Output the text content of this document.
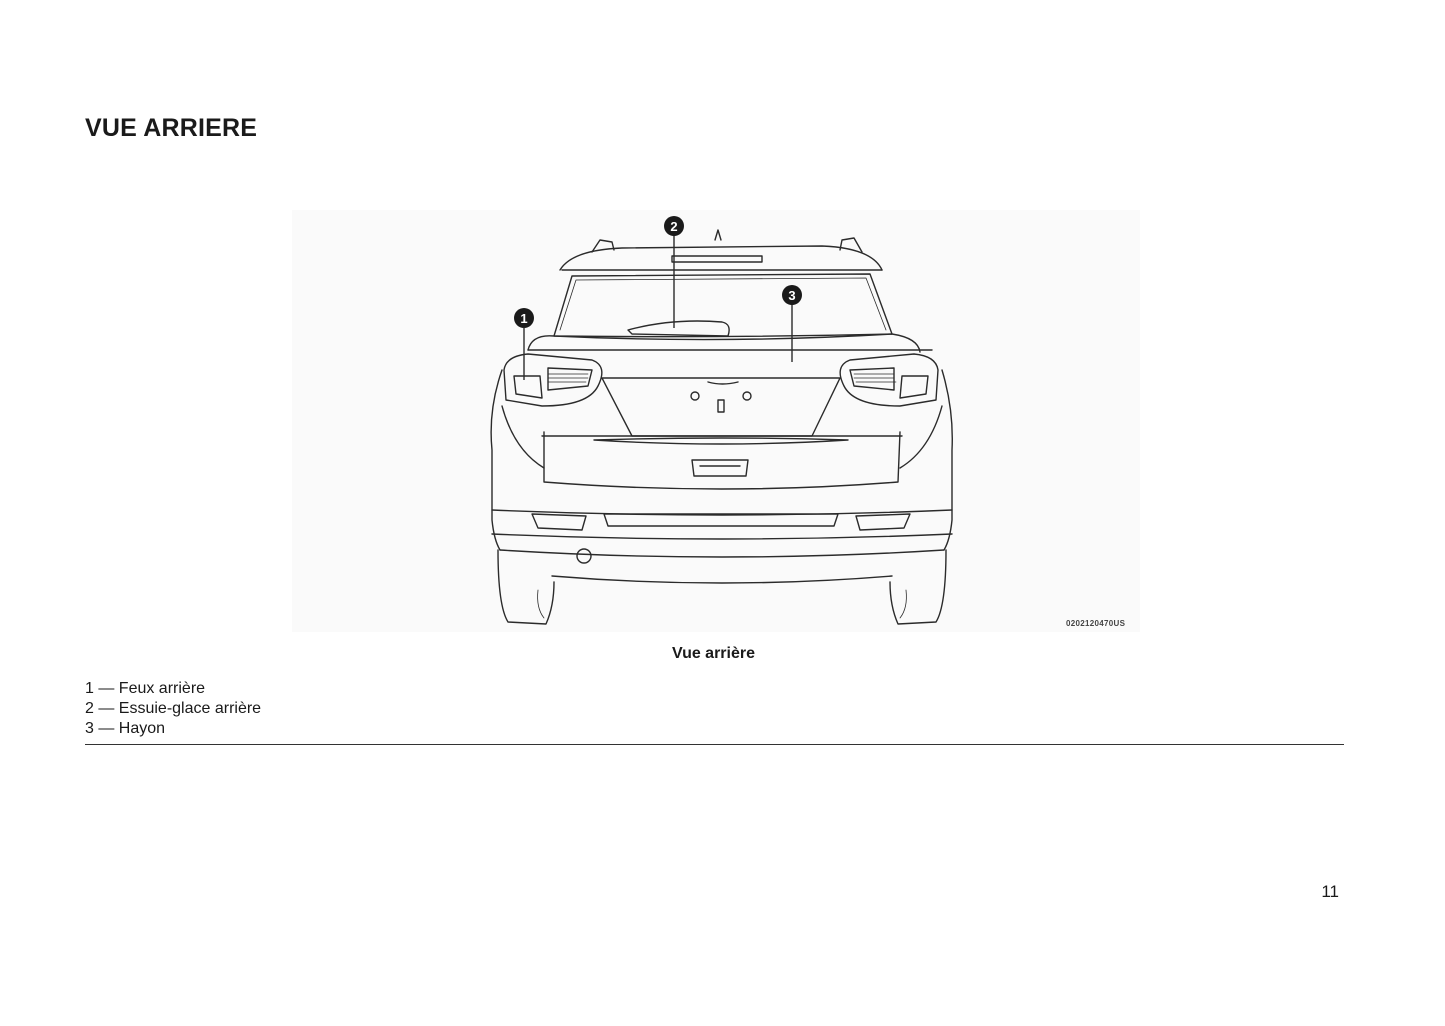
VUE ARRIERE
1
2
3
0202120470US
Vue arrière
1 — Feux arrière
2 — Essuie-glace arrière
3 — Hayon
11
